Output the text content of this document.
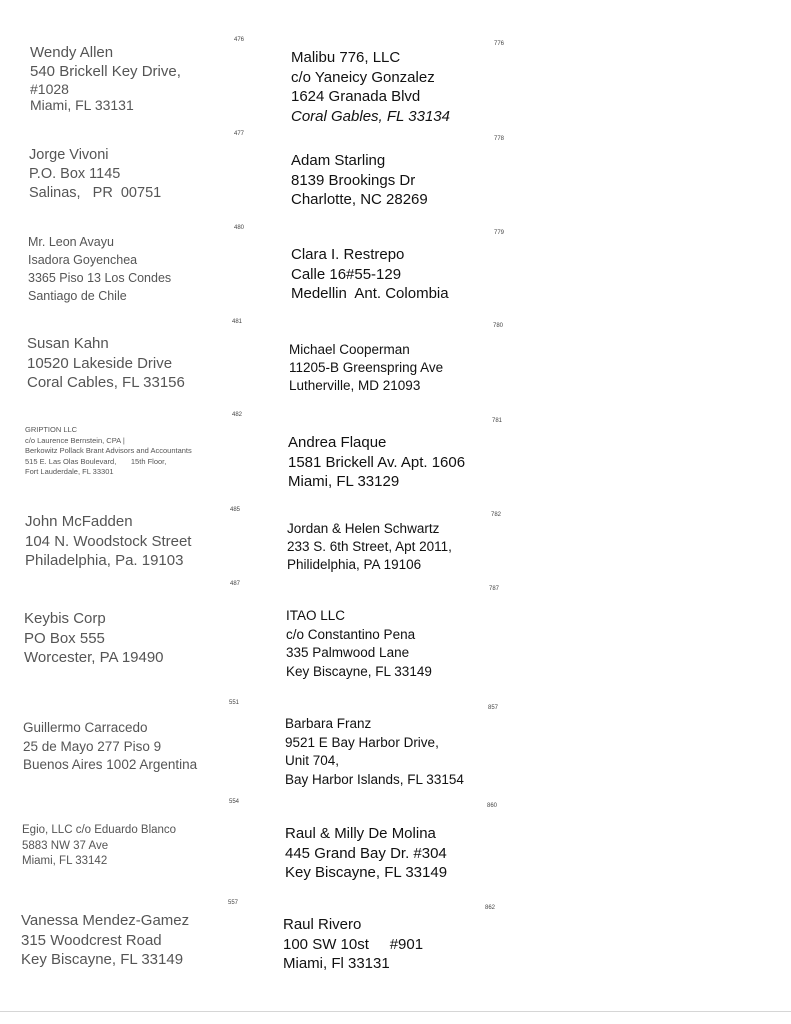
476
Wendy Allen
540 Brickell Key Drive,
#1028
Miami, FL 33131
776
Malibu 776, LLC
c/o Yaneicy Gonzalez
1624 Granada Blvd
Coral Gables, FL 33134
477
Jorge Vivoni
P.O. Box 1145
Salinas,   PR  00751
778
Adam Starling
8139 Brookings Dr
Charlotte, NC 28269
480
Mr. Leon Avayu
Isadora Goyenchea
3365 Piso 13 Los Condes
Santiago de Chile
779
Clara I. Restrepo
Calle 16#55-129
Medellin  Ant. Colombia
481
Susan Kahn
10520 Lakeside Drive
Coral Cables, FL 33156
780
Michael Cooperman
11205-B Greenspring Ave
Lutherville, MD 21093
482
GRIPTION LLC
c/o Laurence Bernstein, CPA |
Berkowitz Pollack Brant Advisors and Accountants
515 E. Las Olas Boulevard,       15th Floor,
Fort Lauderdale, FL 33301
781
Andrea Flaque
1581 Brickell Av. Apt. 1606
Miami, FL 33129
485
John McFadden
104 N. Woodstock Street
Philadelphia, Pa. 19103
782
Jordan & Helen Schwartz
233 S. 6th Street, Apt 2011,
Philidelphia, PA 19106
487
Keybis Corp
PO Box 555
Worcester, PA 19490
787
ITAO LLC
c/o Constantino Pena
335 Palmwood Lane
Key Biscayne, FL 33149
551
Guillermo Carracedo
25 de Mayo 277 Piso 9
Buenos Aires 1002 Argentina
857
Barbara Franz
9521 E Bay Harbor Drive,
Unit 704,
Bay Harbor Islands, FL 33154
554
Egio, LLC c/o Eduardo Blanco
5883 NW 37 Ave
Miami, FL 33142
860
Raul & Milly De Molina
445 Grand Bay Dr. #304
Key Biscayne, FL 33149
557
Vanessa Mendez-Gamez
315 Woodcrest Road
Key Biscayne, FL 33149
862
Raul Rivero
100 SW 10st     #901
Miami, Fl 33131
